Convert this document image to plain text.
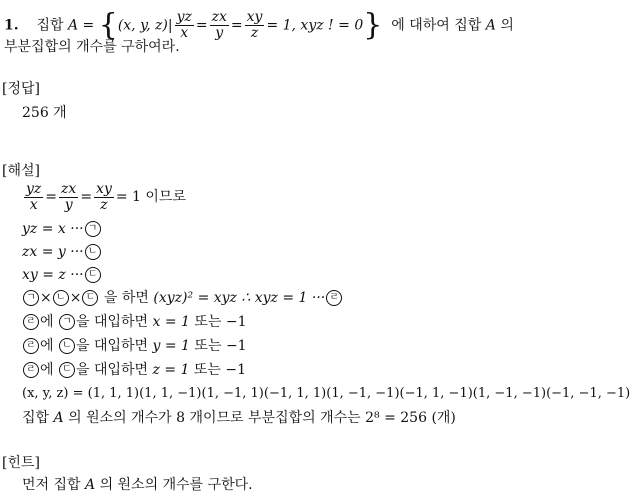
1. 집합 A = {(x, y, $z)| \frac{yz}{x} = \frac{zx}{y} = \frac{xy}{z} = 1$, xyz ! = 0} 에 대하여 집합 A 의
부분집합의 개수를 구하여라.
[정답]
256 개
[해설]
$\frac{yz}{x} = \frac{zx}{y} = \frac{xy}{z} = 1$ 이므로
yz = x ··· ㄱ
zx = y ··· ㄴ
xy = z ··· ㄷ
ㄱ × ㄴ × ㄷ 을 하면 (xyz)² = xyz ∴ xyz = 1 ··· ㄹ
ㄹ 에 ㄱ 을 대입하면 x = 1 또는 −1
ㄹ 에 ㄴ 을 대입하면 y = 1 또는 −1
ㄹ 에 ㄷ 을 대입하면 z = 1 또는 −1
(x, y, z) = (1, 1, 1)(1, 1, −1)(1, −1, 1)(−1, 1, 1)(1, −1, −1)(−1, 1, −1)(1, −1, −1)(−1, −1, −1)
집합 A 의 원소의 개수가 8 개이므로 부분집합의 개수는 2⁸ = 256 (개)
[힌트]
먼저 집합 A 의 원소의 개수를 구한다.
